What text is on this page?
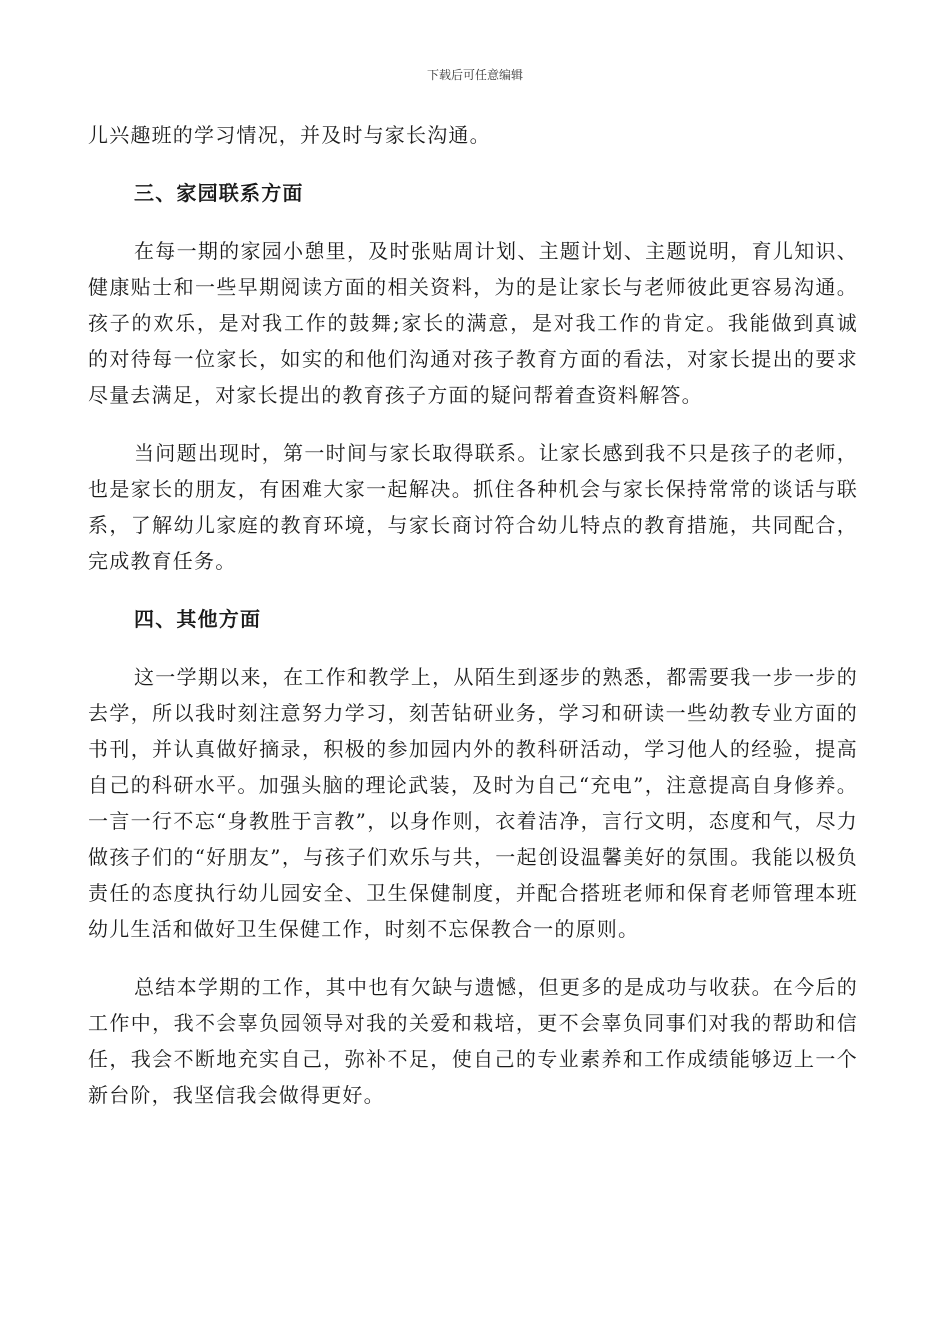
下载后可任意编辑

儿兴趣班的学习情况，并及时与家长沟通。

三、家园联系方面

在每一期的家园小憩里，及时张贴周计划、主题计划、主题说明，育儿知识、健康贴士和一些早期阅读方面的相关资料，为的是让家长与老师彼此更容易沟通。孩子的欢乐，是对我工作的鼓舞;家长的满意，是对我工作的肯定。我能做到真诚的对待每一位家长，如实的和他们沟通对孩子教育方面的看法，对家长提出的要求尽量去满足，对家长提出的教育孩子方面的疑问帮着查资料解答。

当问题出现时，第一时间与家长取得联系。让家长感到我不只是孩子的老师，也是家长的朋友，有困难大家一起解决。抓住各种机会与家长保持常常的谈话与联系，了解幼儿家庭的教育环境，与家长商讨符合幼儿特点的教育措施，共同配合，完成教育任务。

四、其他方面

这一学期以来，在工作和教学上，从陌生到逐步的熟悉，都需要我一步一步的去学，所以我时刻注意努力学习，刻苦钻研业务，学习和研读一些幼教专业方面的书刊，并认真做好摘录，积极的参加园内外的教科研活动，学习他人的经验，提高自己的科研水平。加强头脑的理论武装，及时为自己“充电”，注意提高自身修养。一言一行不忘“身教胜于言教”，以身作则，衣着洁净，言行文明，态度和气，尽力做孩子们的“好朋友”，与孩子们欢乐与共，一起创设温馨美好的氛围。我能以极负责任的态度执行幼儿园安全、卫生保健制度，并配合搭班老师和保育老师管理本班幼儿生活和做好卫生保健工作，时刻不忘保教合一的原则。

总结本学期的工作，其中也有欠缺与遗憾，但更多的是成功与收获。在今后的工作中，我不会辜负园领导对我的关爱和栽培，更不会辜负同事们对我的帮助和信任，我会不断地充实自己，弥补不足，使自己的专业素养和工作成绩能够迈上一个新台阶，我坚信我会做得更好。
